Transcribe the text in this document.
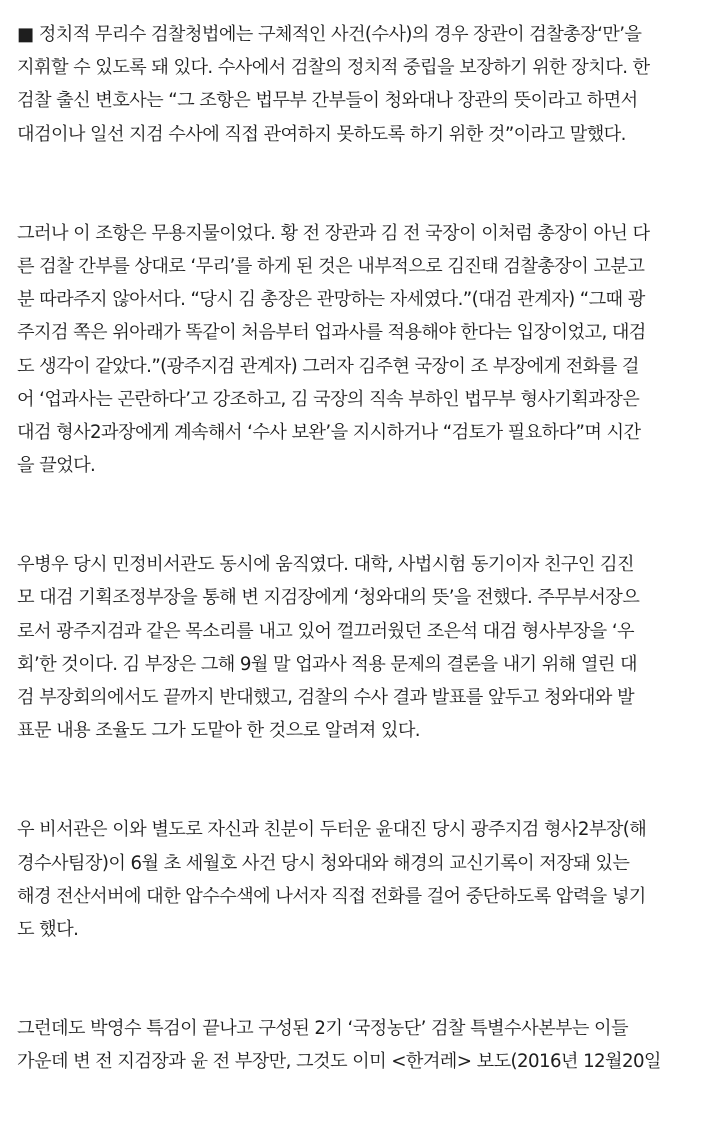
■ 정치적 무리수 검찰청법에는 구체적인 사건(수사)의 경우 장관이 검찰총장‘만’을
지휘할 수 있도록 돼 있다. 수사에서 검찰의 정치적 중립을 보장하기 위한 장치다. 한
검찰 출신 변호사는 “그 조항은 법무부 간부들이 청와대나 장관의 뜻이라고 하면서
대검이나 일선 지검 수사에 직접 관여하지 못하도록 하기 위한 것”이라고 말했다.

그러나 이 조항은 무용지물이었다. 황 전 장관과 김 전 국장이 이처럼 총장이 아닌 다
른 검찰 간부를 상대로 ‘무리’를 하게 된 것은 내부적으로 김진태 검찰총장이 고분고
분 따라주지 않아서다. “당시 김 총장은 관망하는 자세였다.”(대검 관계자) “그때 광
주지검 쪽은 위아래가 똑같이 처음부터 업과사를 적용해야 한다는 입장이었고, 대검
도 생각이 같았다.”(광주지검 관계자) 그러자 김주현 국장이 조 부장에게 전화를 걸
어 ‘업과사는 곤란하다’고 강조하고, 김 국장의 직속 부하인 법무부 형사기획과장은
대검 형사2과장에게 계속해서 ‘수사 보완’을 지시하거나 “검토가 필요하다”며 시간
을 끌었다.

우병우 당시 민정비서관도 동시에 움직였다. 대학, 사법시험 동기이자 친구인 김진
모 대검 기획조정부장을 통해 변 지검장에게 ‘청와대의 뜻’을 전했다. 주무부서장으
로서 광주지검과 같은 목소리를 내고 있어 껄끄러웠던 조은석 대검 형사부장을 ‘우
회’한 것이다. 김 부장은 그해 9월 말 업과사 적용 문제의 결론을 내기 위해 열린 대
검 부장회의에서도 끝까지 반대했고, 검찰의 수사 결과 발표를 앞두고 청와대와 발
표문 내용 조율도 그가 도맡아 한 것으로 알려져 있다.

우 비서관은 이와 별도로 자신과 친분이 두터운 윤대진 당시 광주지검 형사2부장(해
경수사팀장)이 6월 초 세월호 사건 당시 청와대와 해경의 교신기록이 저장돼 있는
해경 전산서버에 대한 압수수색에 나서자 직접 전화를 걸어 중단하도록 압력을 넣기
도 했다.

그런데도 박영수 특검이 끝나고 구성된 2기 ‘국정농단’ 검찰 특별수사본부는 이들
가운데 변 전 지검장과 윤 전 부장만, 그것도 이미 <한겨레> 보도(2016년 12월20일
